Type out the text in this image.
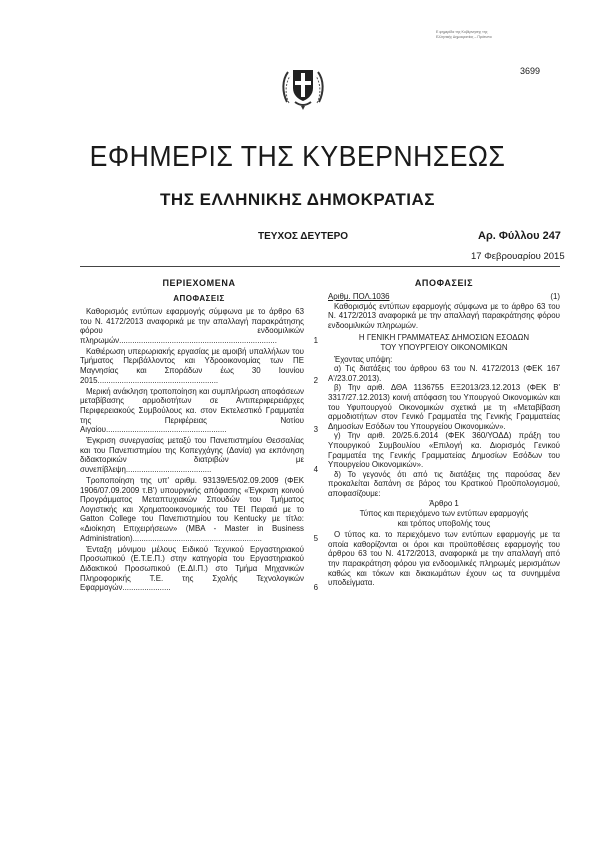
Ε φημερίδα της Κυβέρνησης της Ελληνικής Δημοκρατίας – Πρότυπο
3699
ΕΦΗΜΕΡΙΣ ΤΗΣ ΚΥΒΕΡΝΗΣΕΩΣ
ΤΗΣ ΕΛΛΗΝΙΚΗΣ ΔΗΜΟΚΡΑΤΙΑΣ
ΤΕΥΧΟΣ ΔΕΥΤΕΡΟ	Αρ. Φύλλου 247
17 Φεβρουαρίου 2015
ΠΕΡΙΕΧΟΜΕΝΑ
ΑΠΟΦΑΣΕΙΣ
Καθορισμός εντύπων εφαρμογής σύμφωνα με το άρθρο 63 του Ν. 4172/2013 αναφορικά με την απαλλαγή παρακράτησης φόρου ενδοομιλικών πληρωμών........................................................................	1
Καθιέρωση υπερωριακής εργασίας με αμοιβή υπαλλήλων του Τμήματος Περιβάλλοντος και Υδροοικονομίας των ΠΕ Μαγνησίας και Σποράδων έως 30 Ιουνίου 2015.......................................................	2
Μερική ανάκληση τροποποίηση και συμπλήρωση αποφάσεων μεταβίβασης αρμοδιοτήτων σε Αντιπεριφερειάρχες Περιφερειακούς Συμβούλους κα. στον Εκτελεστικό Γραμματέα της Περιφέρειας Νοτίου Αιγαίου.......................................................	3
Έγκριση συνεργασίας μεταξύ του Πανεπιστημίου Θεσσαλίας και του Πανεπιστημίου της Κοπεγχάγης (Δανία) για εκπόνηση διδακτορικών διατριβών με συνεπίβλεψη.......................................	4
Τροποποίηση της υπ' αριθμ. 93139/Ε5/02.09.2009 (ΦΕΚ 1906/07.09.2009 τ.Β') υπουργικής απόφασης «Έγκριση κοινού Προγράμματος Μεταπτυχιακών Σπουδών του Τμήματος Λογιστικής και Χρηματοοικονομικής του ΤΕΙ Πειραιά με το Gatton College του Πανεπιστημίου του Kentucky με τίτλο: «Διοίκηση Επιχειρήσεων» (MBA - Master in Business Administration)...........................................................	5
Ένταξη μόνιμου μέλους Ειδικού Τεχνικού Εργαστηριακού Προσωπικού (Ε.Τ.Ε.Π.) στην κατηγορία του Εργαστηριακού Διδακτικού Προσωπικού (Ε.ΔΙ.Π.) στο Τμήμα Μηχανικών Πληροφορικής Τ.Ε. της Σχολής Τεχνολογικών Εφαρμογών......................	6
ΑΠΟΦΑΣΕΙΣ
Αριθμ. ΠΟΛ.1036	(1)

Καθορισμός εντύπων εφαρμογής σύμφωνα με το άρθρο 63 του Ν. 4172/2013 αναφορικά με την απαλλαγή παρακράτησης φόρου ενδοομιλικών πληρωμών.

Η ΓΕΝΙΚΗ ΓΡΑΜΜΑΤΕΑΣ ΔΗΜΟΣΙΩΝ ΕΣΟΔΩΝ

ΤΟΥ ΥΠΟΥΡΓΕΙΟΥ ΟΙΚΟΝΟΜΙΚΩΝ

Έχοντας υπόψη:

α) Τις διατάξεις του άρθρου 63 του Ν. 4172/2013 (ΦΕΚ 167 Α'/23.07.2013).

β) Την αριθ. ΔΘΑ 1136755 ΕΞ2013/23.12.2013 (ΦΕΚ Β' 3317/27.12.2013) κοινή απόφαση του Υπουργού Οικονομικών και του Υφυπουργού Οικονομικών σχετικά με τη «Μεταβίβαση αρμοδιοτήτων στον Γενικό Γραμματέα της Γενικής Γραμματείας Δημοσίων Εσόδων του Υπουργείου Οικονομικών».

γ) Την αριθ. 20/25.6.2014 (ΦΕΚ 360/ΥΟΔΔ) πράξη του Υπουργικού Συμβουλίου «Επιλογή κα. Διορισμός Γενικού Γραμματέα της Γενικής Γραμματείας Δημοσίων Εσόδων του Υπουργείου Οικονομικών».

δ) Το γεγονός ότι από τις διατάξεις της παρούσας δεν προκαλείται δαπάνη σε βάρος του Κρατικού Προϋπολογισμού, αποφασίζουμε:

Άρθρο 1

Τύπος και περιεχόμενο των εντύπων εφαρμογής

και τρόπος υποβολής τους

Ο τύπος κα. το περιεχόμενο των εντύπων εφαρμογής με τα οποία καθορίζονται οι όροι και προϋποθέσεις εφαρμογής του άρθρου 63 του Ν. 4172/2013, αναφορικά με την απαλλαγή από την παρακράτηση φόρου για ενδοομιλικές πληρωμές μερισμάτων καθώς και τόκων και δικαιωμάτων έχουν ως τα συνημμένα υποδείγματα.
